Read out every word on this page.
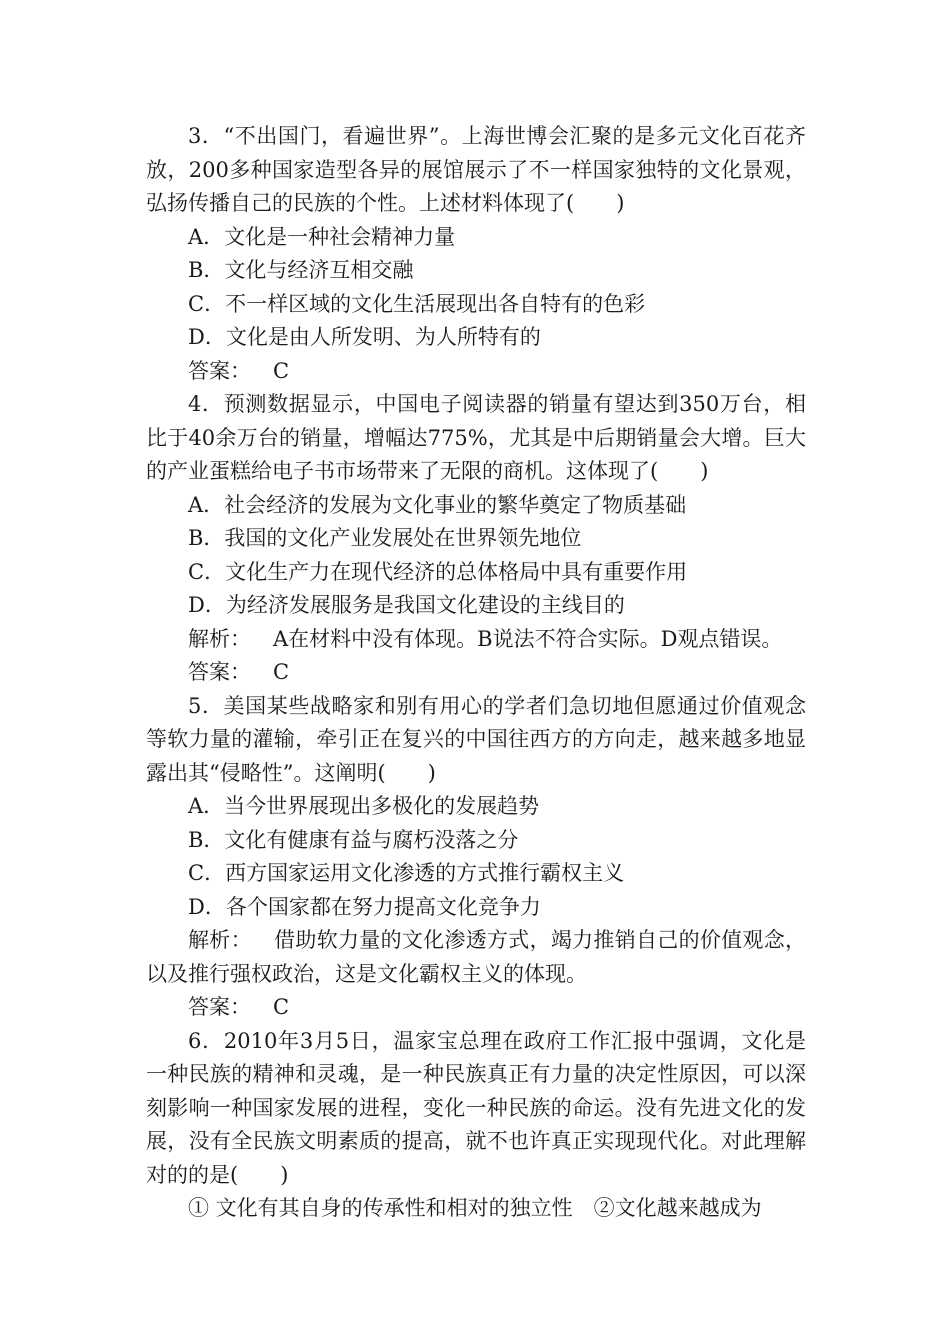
3．“不出国门，看遍世界”。上海世博会汇聚的是多元文化百花齐放，200多种国家造型各异的展馆展示了不一样国家独特的文化景观，弘扬传播自己的民族的个性。上述材料体现了(　　)

A．文化是一种社会精神力量

B．文化与经济互相交融

C．不一样区域的文化生活展现出各自特有的色彩

D．文化是由人所发明、为人所特有的

答案： C

4．预测数据显示，中国电子阅读器的销量有望达到350万台，相比于40余万台的销量，增幅达775%，尤其是中后期销量会大增。巨大的产业蛋糕给电子书市场带来了无限的商机。这体现了(　　)

A．社会经济的发展为文化事业的繁华奠定了物质基础

B．我国的文化产业发展处在世界领先地位

C．文化生产力在现代经济的总体格局中具有重要作用

D．为经济发展服务是我国文化建设的主线目的

解析： A在材料中没有体现。B说法不符合实际。D观点错误。

答案： C

5．美国某些战略家和别有用心的学者们急切地但愿通过价值观念等软力量的灌输，牵引正在复兴的中国往西方的方向走，越来越多地显露出其“侵略性”。这阐明(　　)

A．当今世界展现出多极化的发展趋势

B．文化有健康有益与腐朽没落之分

C．西方国家运用文化渗透的方式推行霸权主义

D．各个国家都在努力提高文化竞争力

解析： 借助软力量的文化渗透方式，竭力推销自己的价值观念，以及推行强权政治，这是文化霸权主义的体现。

答案： C

6．2010年3月5日，温家宝总理在政府工作汇报中强调，文化是一种民族的精神和灵魂，是一种民族真正有力量的决定性原因，可以深刻影响一种国家发展的进程，变化一种民族的命运。没有先进文化的发展，没有全民族文明素质的提高，就不也许真正实现现代化。对此理解对的的是(　　)

① 文化有其自身的传承性和相对的独立性　②文化越来越成为
